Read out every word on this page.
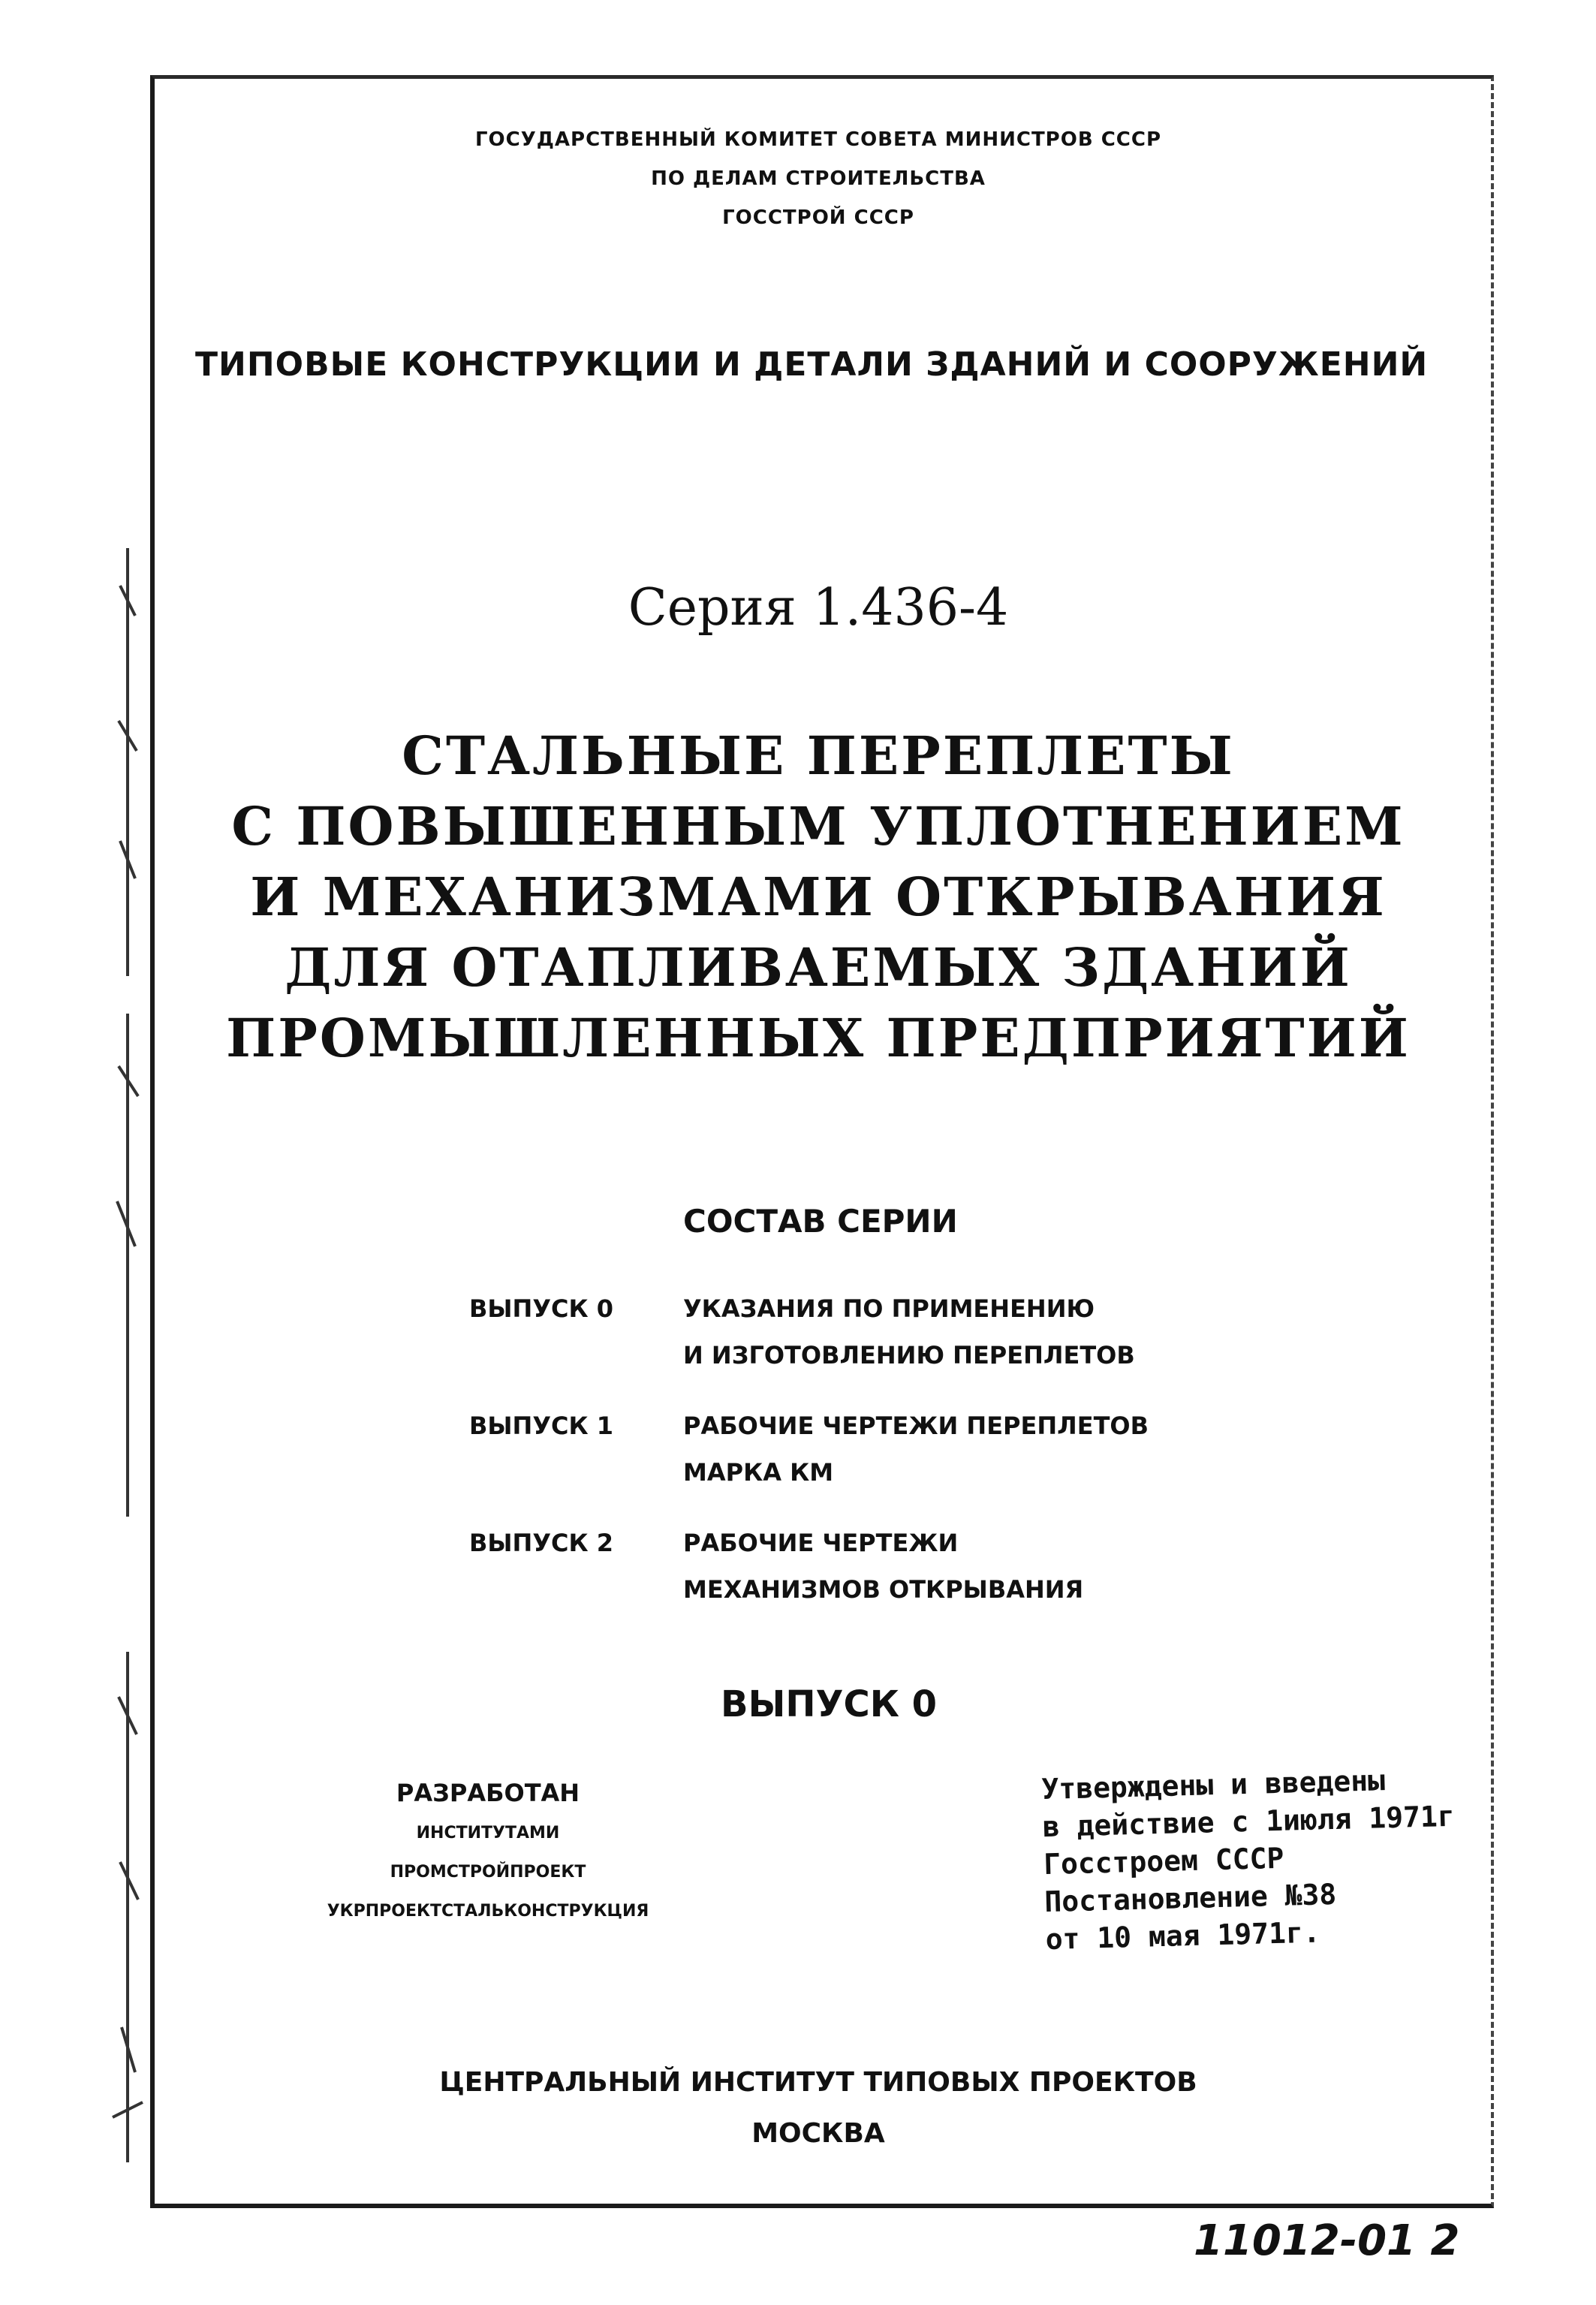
ГОСУДАРСТВЕННЫЙ КОМИТЕТ СОВЕТА МИНИСТРОВ СССР
ПО ДЕЛАМ СТРОИТЕЛЬСТВА
ГОССТРОЙ СССР
ТИПОВЫЕ КОНСТРУКЦИИ И ДЕТАЛИ ЗДАНИЙ И СООРУЖЕНИЙ
Серия 1.436-4
СТАЛЬНЫЕ ПЕРЕПЛЕТЫ
С ПОВЫШЕННЫМ УПЛОТНЕНИЕМ
И МЕХАНИЗМАМИ ОТКРЫВАНИЯ
ДЛЯ ОТАПЛИВАЕМЫХ ЗДАНИЙ
ПРОМЫШЛЕННЫХ ПРЕДПРИЯТИЙ
СОСТАВ СЕРИИ
ВЫПУСК 0	УКАЗАНИЯ ПО ПРИМЕНЕНИЮ
И ИЗГОТОВЛЕНИЮ ПЕРЕПЛЕТОВ
ВЫПУСК 1	РАБОЧИЕ ЧЕРТЕЖИ ПЕРЕПЛЕТОВ
МАРКА КМ
ВЫПУСК 2	РАБОЧИЕ ЧЕРТЕЖИ
МЕХАНИЗМОВ ОТКРЫВАНИЯ
ВЫПУСК 0
РАЗРАБОТАН
ИНСТИТУТАМИ
ПРОМСТРОЙПРОЕКТ
УКРПРОЕКТСТАЛЬКОНСТРУКЦИЯ
Утверждены и введены
в действие с 1июля 1971г
Госстроем СССР
Постановление №38
от 10 мая 1971г.
ЦЕНТРАЛЬНЫЙ ИНСТИТУТ ТИПОВЫХ ПРОЕКТОВ
МОСКВА
11012-01 2
